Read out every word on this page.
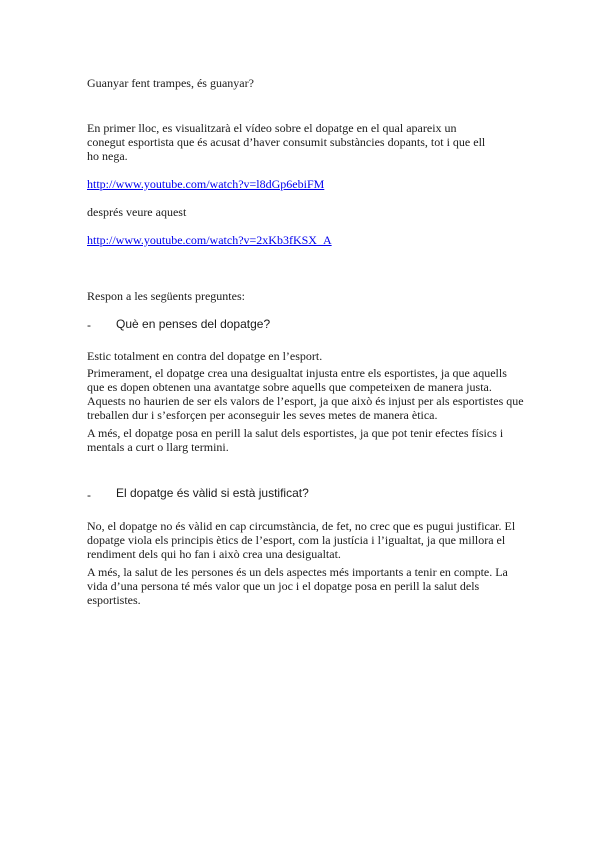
Guanyar fent trampes, és guanyar?
En primer lloc, es visualitzarà el vídeo sobre el dopatge en el qual apareix un
conegut esportista que és acusat d’haver consumit substàncies dopants, tot i que ell
ho nega.
http://www.youtube.com/watch?v=l8dGp6ebiFM
després veure aquest
http://www.youtube.com/watch?v=2xKb3fKSX_A
Respon a les següents preguntes:
- Què en penses del dopatge?
Estic totalment en contra del dopatge en l’esport.
Primerament, el dopatge crea una desigualtat injusta entre els esportistes, ja que aquells
que es dopen obtenen una avantatge sobre aquells que competeixen de manera justa.
Aquests no haurien de ser els valors de l’esport, ja que això és injust per als esportistes que
treballen dur i s’esforçen per aconseguir les seves metes de manera ètica.
A més, el dopatge posa en perill la salut dels esportistes, ja que pot tenir efectes físics i
mentals a curt o llarg termini.
- El dopatge és vàlid si està justificat?
No, el dopatge no és vàlid en cap circumstància, de fet, no crec que es pugui justificar. El
dopatge viola els principis ètics de l’esport, com la justícia i l’igualtat, ja que millora el
rendiment dels qui ho fan i això crea una desigualtat.
A més, la salut de les persones és un dels aspectes més importants a tenir en compte. La
vida d’una persona té més valor que un joc i el dopatge posa en perill la salut dels
esportistes.
